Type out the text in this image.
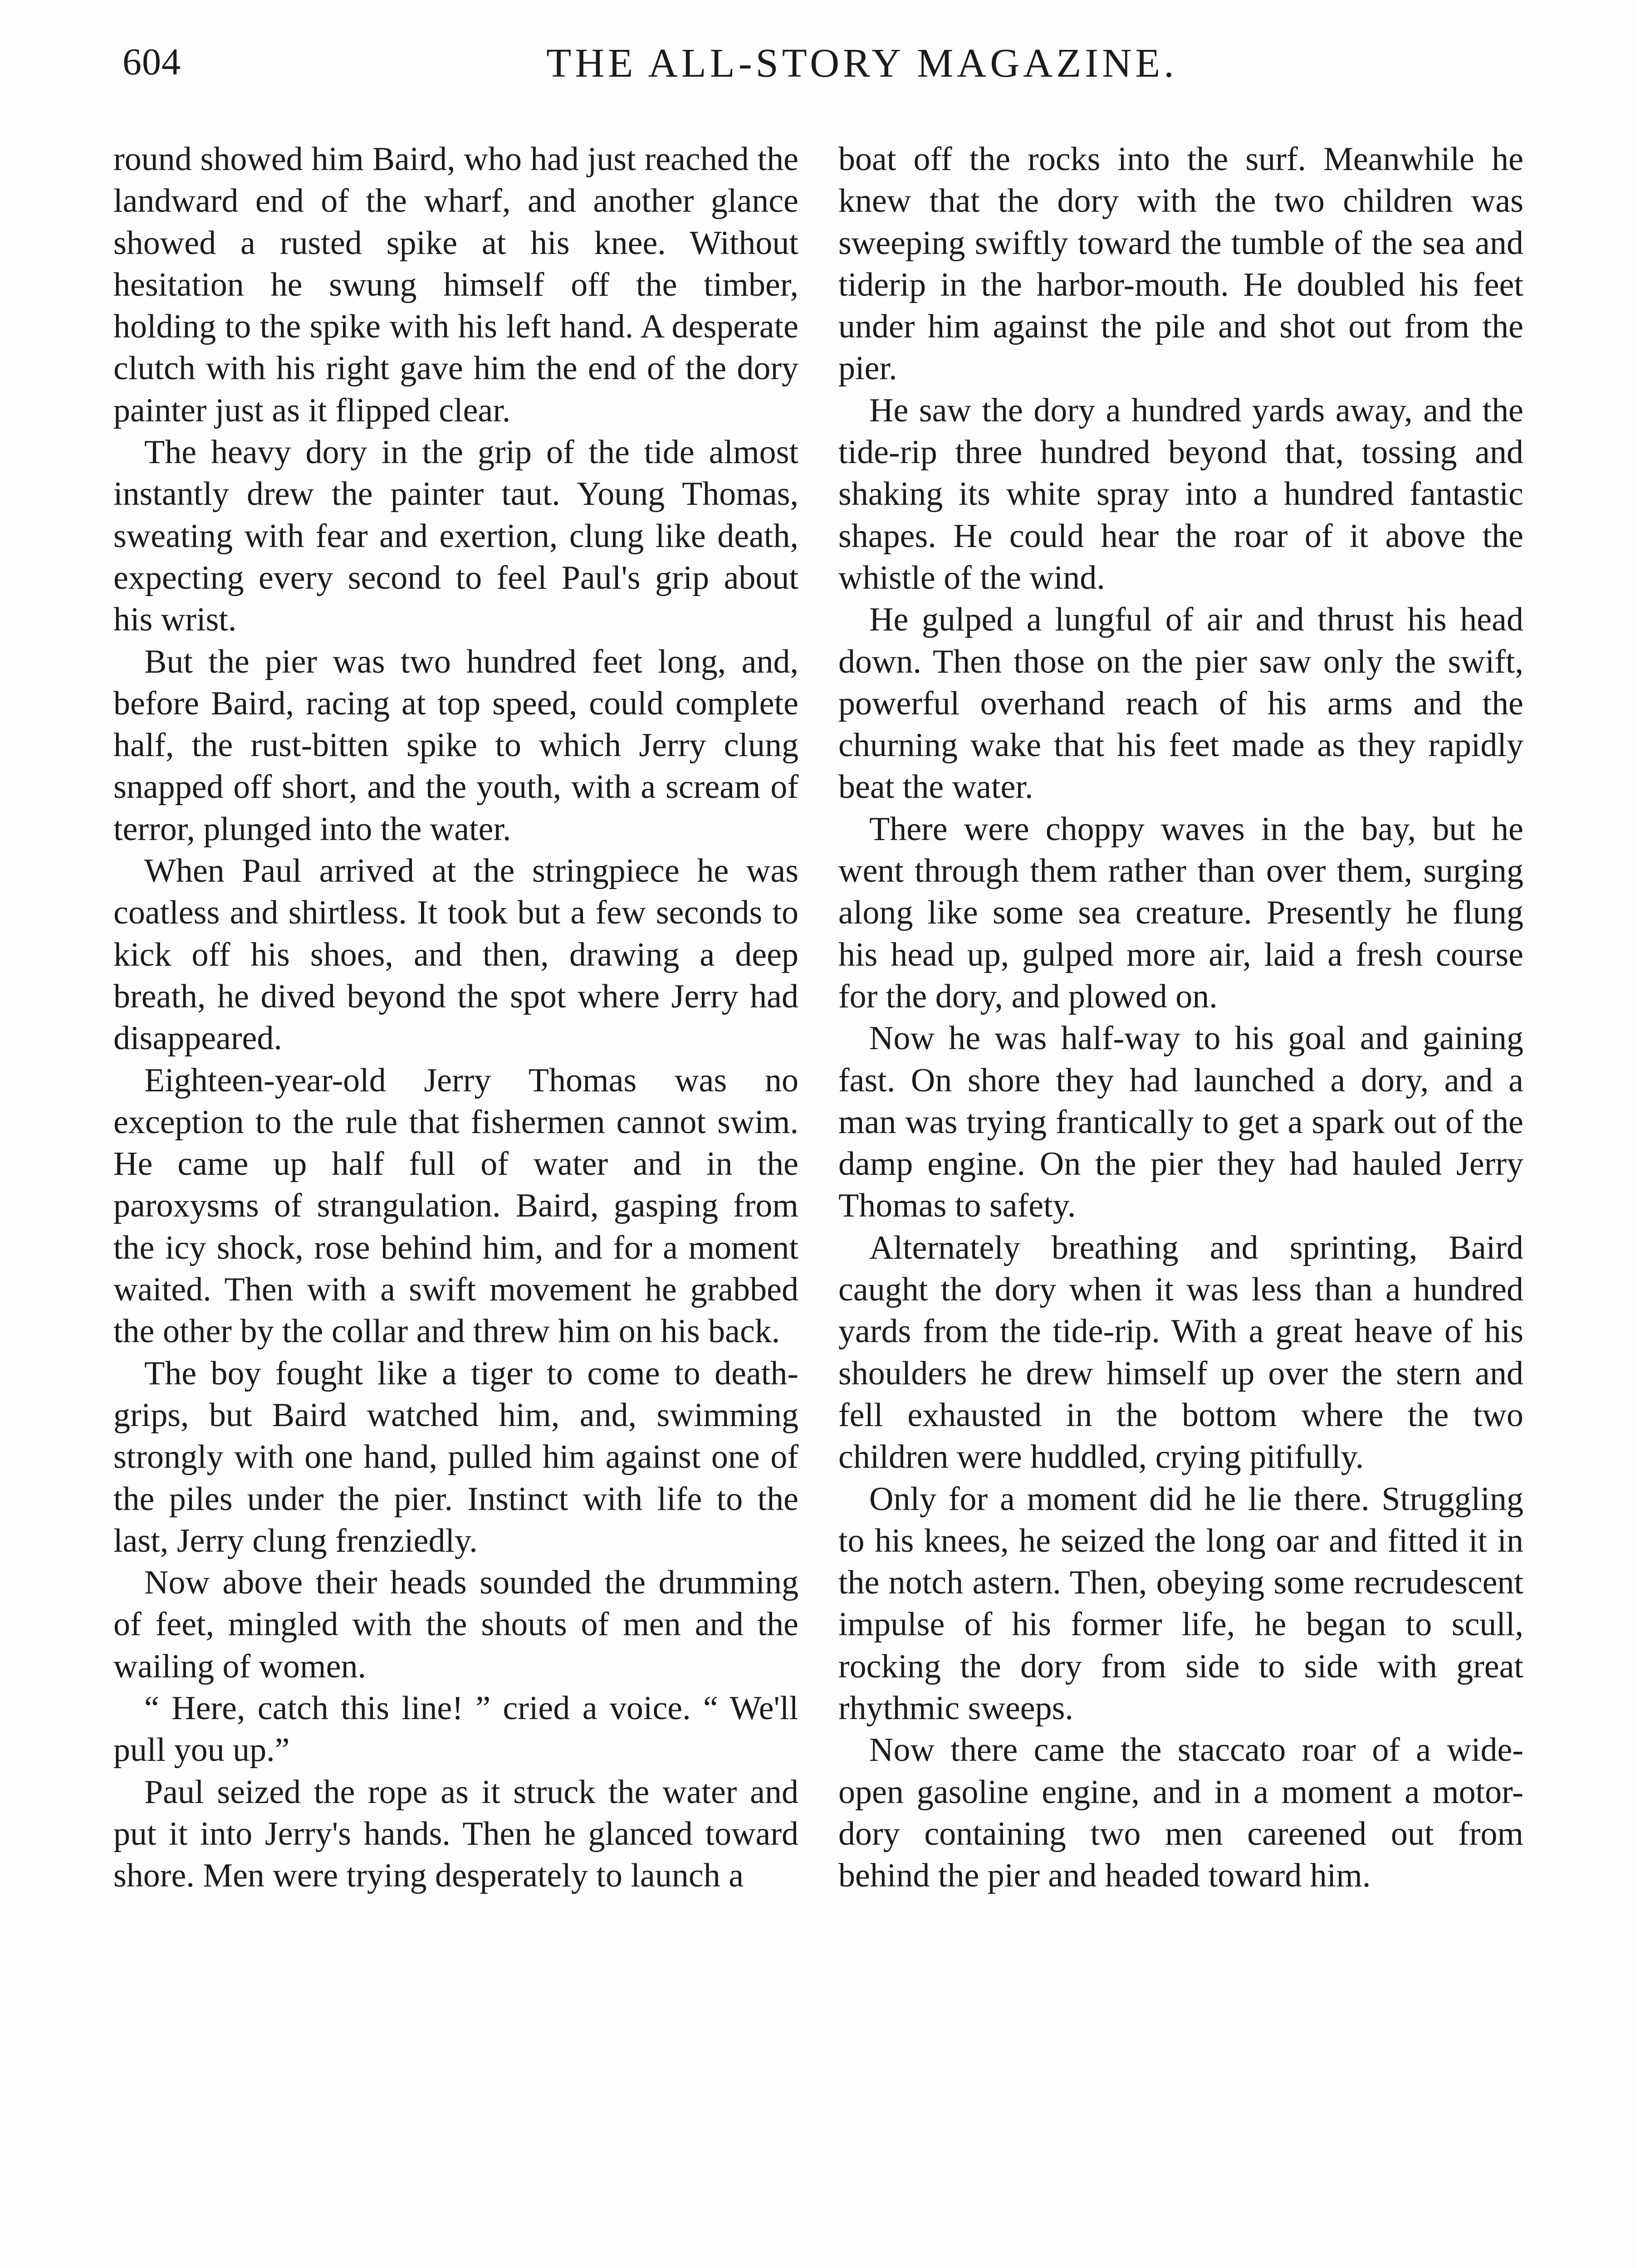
604	THE ALL-STORY MAGAZINE.

round showed him Baird, who had just reached the landward end of the wharf, and another glance showed a rusted spike at his knee. Without hesitation he swung himself off the timber, holding to the spike with his left hand. A desperate clutch with his right gave him the end of the dory painter just as it flipped clear.

The heavy dory in the grip of the tide almost instantly drew the painter taut. Young Thomas, sweating with fear and exertion, clung like death, expecting every second to feel Paul's grip about his wrist.

But the pier was two hundred feet long, and, before Baird, racing at top speed, could complete half, the rust-bitten spike to which Jerry clung snapped off short, and the youth, with a scream of terror, plunged into the water.

When Paul arrived at the stringpiece he was coatless and shirtless. It took but a few seconds to kick off his shoes, and then, drawing a deep breath, he dived beyond the spot where Jerry had disappeared.

Eighteen-year-old Jerry Thomas was no exception to the rule that fishermen cannot swim. He came up half full of water and in the paroxysms of strangulation. Baird, gasping from the icy shock, rose behind him, and for a moment waited. Then with a swift movement he grabbed the other by the collar and threw him on his back.

The boy fought like a tiger to come to death-grips, but Baird watched him, and, swimming strongly with one hand, pulled him against one of the piles under the pier. Instinct with life to the last, Jerry clung frenziedly.

Now above their heads sounded the drumming of feet, mingled with the shouts of men and the wailing of women.

“ Here, catch this line! ” cried a voice. “ We'll pull you up.”

Paul seized the rope as it struck the water and put it into Jerry's hands. Then he glanced toward shore. Men were trying desperately to launch a

boat off the rocks into the surf. Meanwhile he knew that the dory with the two children was sweeping swiftly toward the tumble of the sea and tiderip in the harbor-mouth. He doubled his feet under him against the pile and shot out from the pier.

He saw the dory a hundred yards away, and the tide-rip three hundred beyond that, tossing and shaking its white spray into a hundred fantastic shapes. He could hear the roar of it above the whistle of the wind.

He gulped a lungful of air and thrust his head down. Then those on the pier saw only the swift, powerful overhand reach of his arms and the churning wake that his feet made as they rapidly beat the water.

There were choppy waves in the bay, but he went through them rather than over them, surging along like some sea creature. Presently he flung his head up, gulped more air, laid a fresh course for the dory, and plowed on.

Now he was half-way to his goal and gaining fast. On shore they had launched a dory, and a man was trying frantically to get a spark out of the damp engine. On the pier they had hauled Jerry Thomas to safety.

Alternately breathing and sprinting, Baird caught the dory when it was less than a hundred yards from the tide-rip. With a great heave of his shoulders he drew himself up over the stern and fell exhausted in the bottom where the two children were huddled, crying pitifully.

Only for a moment did he lie there. Struggling to his knees, he seized the long oar and fitted it in the notch astern. Then, obeying some recrudescent impulse of his former life, he began to scull, rocking the dory from side to side with great rhythmic sweeps.

Now there came the staccato roar of a wide-open gasoline engine, and in a moment a motor-dory containing two men careened out from behind the pier and headed toward him.
